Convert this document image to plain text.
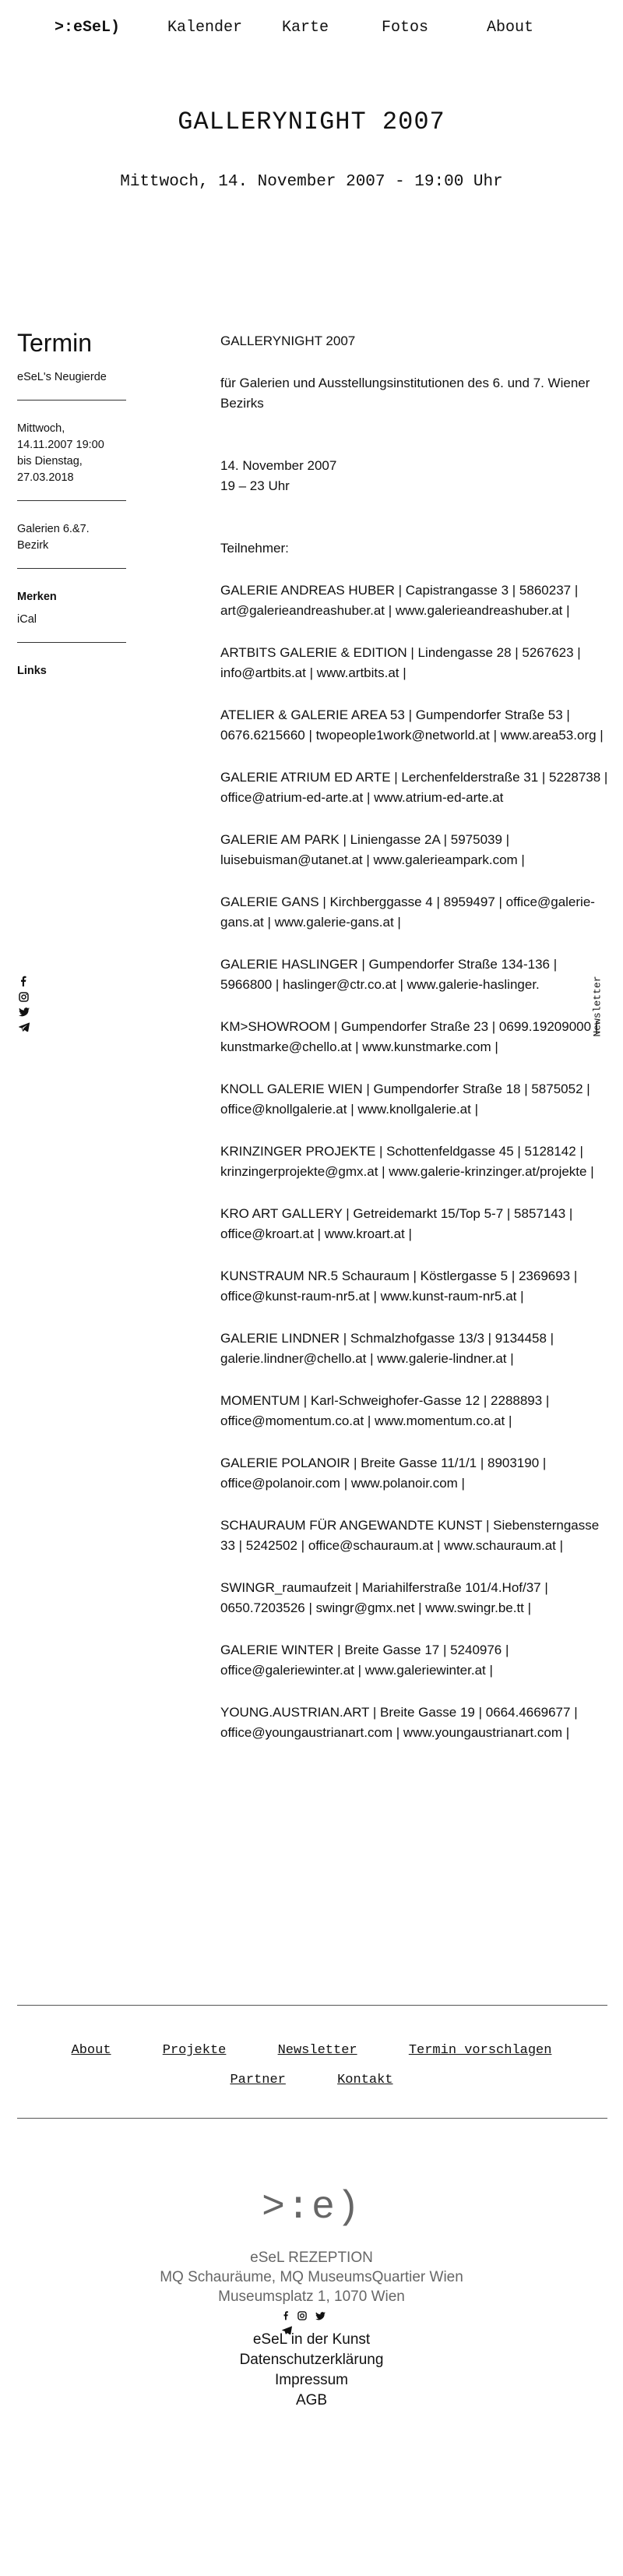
>:eSeL)	Kalender	Karte	Fotos	About
GALLERYNIGHT 2007
Mittwoch, 14. November 2007 - 19:00 Uhr
Termin
eSeL's Neugierde
Mittwoch,
14.11.2007 19:00
bis Dienstag,
27.03.2018
Galerien 6.&7.
Bezirk
Merken
iCal
Links
Newsletter

GALLERYNIGHT 2007

für Galerien und Ausstellungsinstitutionen des 6. und 7. Wiener Bezirks

14. November 2007

19 – 23 Uhr

Teilnehmer:

GALERIE ANDREAS HUBER | Capistrangasse 3 | 5860237 | art@galerieandreashuber.at | www.galerieandreashuber.at |

ARTBITS GALERIE & EDITION | Lindengasse 28 | 5267623 | info@artbits.at | www.artbits.at |

ATELIER & GALERIE AREA 53 | Gumpendorfer Straße 53 | 0676.6215660 | twopeople1work@networld.at | www.area53.org |

GALERIE ATRIUM ED ARTE | Lerchenfelderstraße 31 | 5228738 | office@atrium-ed-arte.at | www.atrium-ed-arte.at

GALERIE AM PARK | Liniengasse 2A | 5975039 | luisebuisman@utanet.at | www.galerieampark.com |

GALERIE GANS | Kirchberggasse 4 | 8959497 | office@galerie-gans.at | www.galerie-gans.at |

GALERIE HASLINGER | Gumpendorfer Straße 134-136 | 5966800 | haslinger@ctr.co.at | www.galerie-haslinger.

KM>SHOWROOM | Gumpendorfer Straße 23 | 0699.19209000 | kunstmarke@chello.at | www.kunstmarke.com |

KNOLL GALERIE WIEN | Gumpendorfer Straße 18 | 5875052 | office@knollgalerie.at | www.knollgalerie.at |

KRINZINGER PROJEKTE | Schottenfeldgasse 45 | 5128142 | krinzingerprojekte@gmx.at | www.galerie-krinzinger.at/projekte |

KRO ART GALLERY | Getreidemarkt 15/Top 5-7 | 5857143 | office@kroart.at | www.kroart.at |

KUNSTRAUM NR.5 Schauraum | Köstlergasse 5 | 2369693 | office@kunst-raum-nr5.at | www.kunst-raum-nr5.at |

GALERIE LINDNER | Schmalzhofgasse 13/3 | 9134458 | galerie.lindner@chello.at | www.galerie-lindner.at |

MOMENTUM | Karl-Schweighofer-Gasse 12 | 2288893 | office@momentum.co.at | www.momentum.co.at |

GALERIE POLANOIR | Breite Gasse 11/1/1 | 8903190 | office@polanoir.com | www.polanoir.com |

SCHAURAUM FÜR ANGEWANDTE KUNST | Siebensterngasse 33 | 5242502 | office@schauraum.at | www.schauraum.at |

SWINGR_raumaufzeit | Mariahilferstraße 101/4.Hof/37 | 0650.7203526 | swingr@gmx.net | www.swingr.be.tt |

GALERIE WINTER | Breite Gasse 17 | 5240976 | office@galeriewinter.at | www.galeriewinter.at |

YOUNG.AUSTRIAN.ART | Breite Gasse 19 | 0664.4669677 | office@youngaustrianart.com | www.youngaustrianart.com |

About	Projekte	Newsletter	Termin vorschlagen
Partner	Kontakt
>:e)
eSeL REZEPTION
MQ Schauräume, MQ MuseumsQuartier Wien
Museumsplatz 1, 1070 Wien

eSeL in der Kunst
Datenschutzerklärung
Impressum
AGB
